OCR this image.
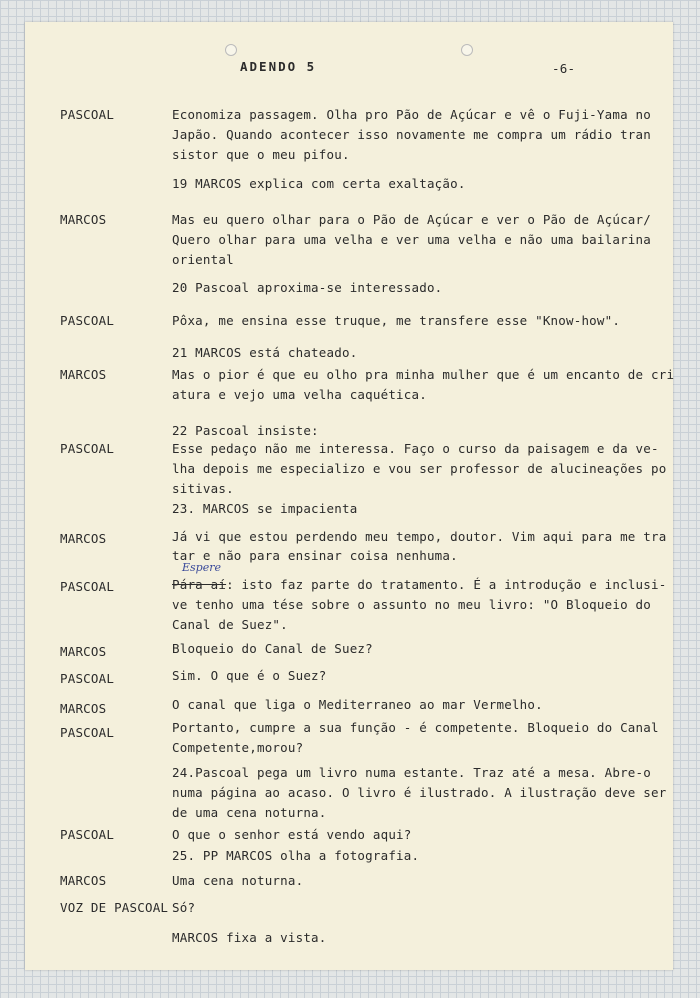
ADENDO 5	-6-

PASCOAL

MARCOS

PASCOAL

MARCOS

PASCOAL

MARCOS

PASCOAL

MARCOS

PASCOAL

MARCOS

PASCOAL

PASCOAL

MARCOS

VOZ DE PASCOAL

Economiza passagem. Olha pro Pão de Açúcar e vê o Fuji-Yama no

Japão. Quando acontecer isso novamente me compra um rádio tran

sistor que o meu pifou.

19 MARCOS explica com certa exaltação.

Mas eu quero olhar para o Pão de Açúcar e ver o Pão de Açúcar/

Quero olhar para uma velha e ver uma velha e não uma bailarina

oriental

20 Pascoal aproxima-se interessado.

Pôxa, me ensina esse truque, me transfere esse "Know-how".

21 MARCOS está chateado.

Mas o pior é que eu olho pra minha mulher que é um encanto de cri

atura e vejo uma velha caquética.

22 Pascoal insiste:

Esse pedaço não me interessa. Faço o curso da paisagem e da ve-

lha depois me especializo e vou ser professor de alucineações po

sitivas.

23. MARCOS se impacienta

Já vi que estou perdendo meu tempo, doutor. Vim aqui para me tra

tar e não para ensinar coisa nenhuma.

Espere

Pára aí: isto faz parte do tratamento. É a introdução e inclusi-

ve tenho uma tése sobre o assunto no meu livro: "O Bloqueio do

Canal de Suez".

Bloqueio do Canal de Suez?

Sim. O que é o Suez?

O canal que liga o Mediterraneo ao mar Vermelho.

Portanto, cumpre a sua função - é competente. Bloqueio do Canal

Competente,morou?

24.Pascoal pega um livro numa estante. Traz até a mesa. Abre-o

numa página ao acaso. O livro é ilustrado. A ilustração deve ser

de uma cena noturna.

O que o senhor está vendo aqui?

25. PP MARCOS olha a fotografia.

Uma cena noturna.

Só?

MARCOS fixa a vista.
